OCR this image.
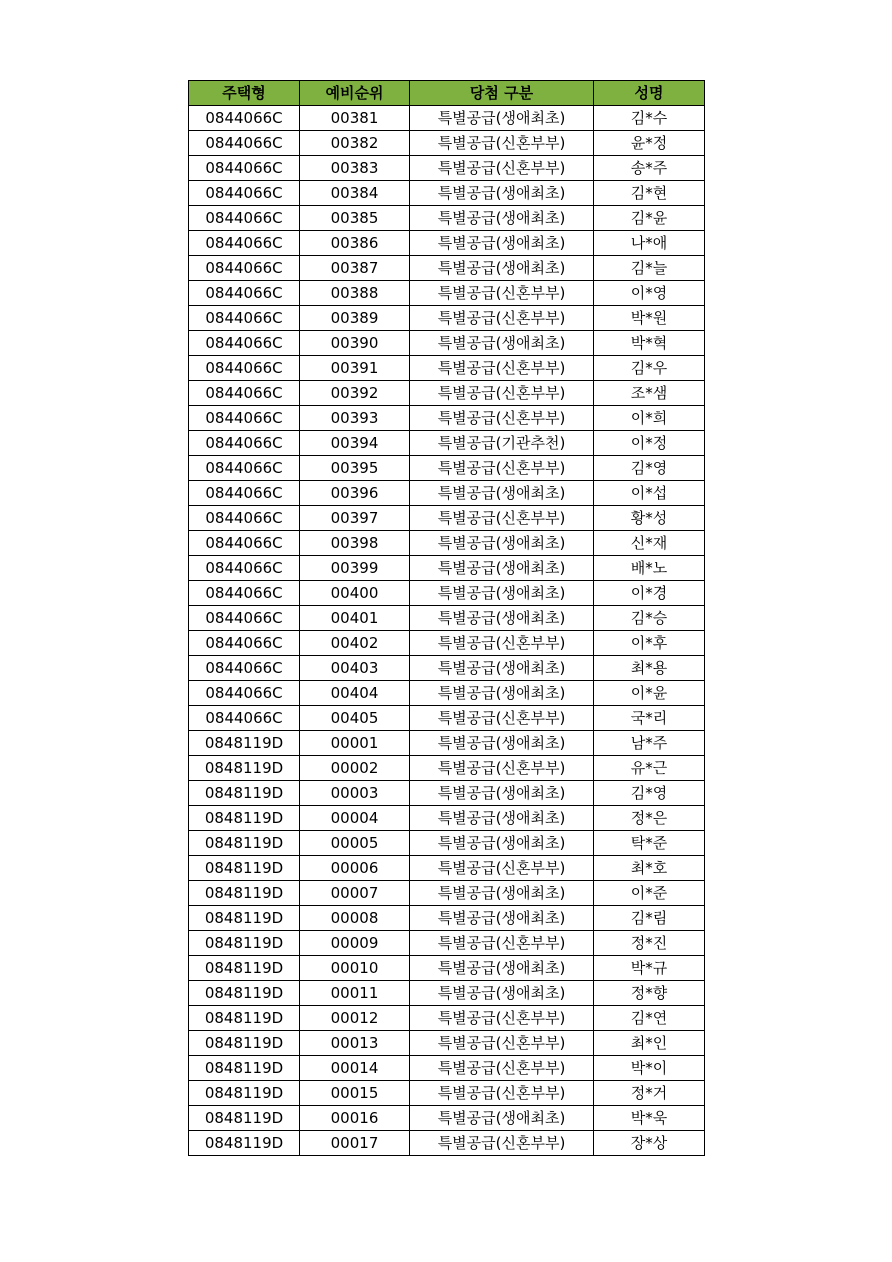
주택형	예비순위	당첨 구분	성명
0844066C	00381	특별공급(생애최초)	김*수
0844066C	00382	특별공급(신혼부부)	윤*정
0844066C	00383	특별공급(신혼부부)	송*주
0844066C	00384	특별공급(생애최초)	김*현
0844066C	00385	특별공급(생애최초)	김*윤
0844066C	00386	특별공급(생애최초)	나*애
0844066C	00387	특별공급(생애최초)	김*늘
0844066C	00388	특별공급(신혼부부)	이*영
0844066C	00389	특별공급(신혼부부)	박*원
0844066C	00390	특별공급(생애최초)	박*혁
0844066C	00391	특별공급(신혼부부)	김*우
0844066C	00392	특별공급(신혼부부)	조*샘
0844066C	00393	특별공급(신혼부부)	이*희
0844066C	00394	특별공급(기관추천)	이*정
0844066C	00395	특별공급(신혼부부)	김*영
0844066C	00396	특별공급(생애최초)	이*섭
0844066C	00397	특별공급(신혼부부)	황*성
0844066C	00398	특별공급(생애최초)	신*재
0844066C	00399	특별공급(생애최초)	배*노
0844066C	00400	특별공급(생애최초)	이*경
0844066C	00401	특별공급(생애최초)	김*승
0844066C	00402	특별공급(신혼부부)	이*후
0844066C	00403	특별공급(생애최초)	최*용
0844066C	00404	특별공급(생애최초)	이*윤
0844066C	00405	특별공급(신혼부부)	국*리
0848119D	00001	특별공급(생애최초)	남*주
0848119D	00002	특별공급(신혼부부)	유*근
0848119D	00003	특별공급(생애최초)	김*영
0848119D	00004	특별공급(생애최초)	정*은
0848119D	00005	특별공급(생애최초)	탁*준
0848119D	00006	특별공급(신혼부부)	최*호
0848119D	00007	특별공급(생애최초)	이*준
0848119D	00008	특별공급(생애최초)	김*림
0848119D	00009	특별공급(신혼부부)	정*진
0848119D	00010	특별공급(생애최초)	박*규
0848119D	00011	특별공급(생애최초)	정*향
0848119D	00012	특별공급(신혼부부)	김*연
0848119D	00013	특별공급(신혼부부)	최*인
0848119D	00014	특별공급(신혼부부)	박*이
0848119D	00015	특별공급(신혼부부)	정*거
0848119D	00016	특별공급(생애최초)	박*욱
0848119D	00017	특별공급(신혼부부)	장*상
